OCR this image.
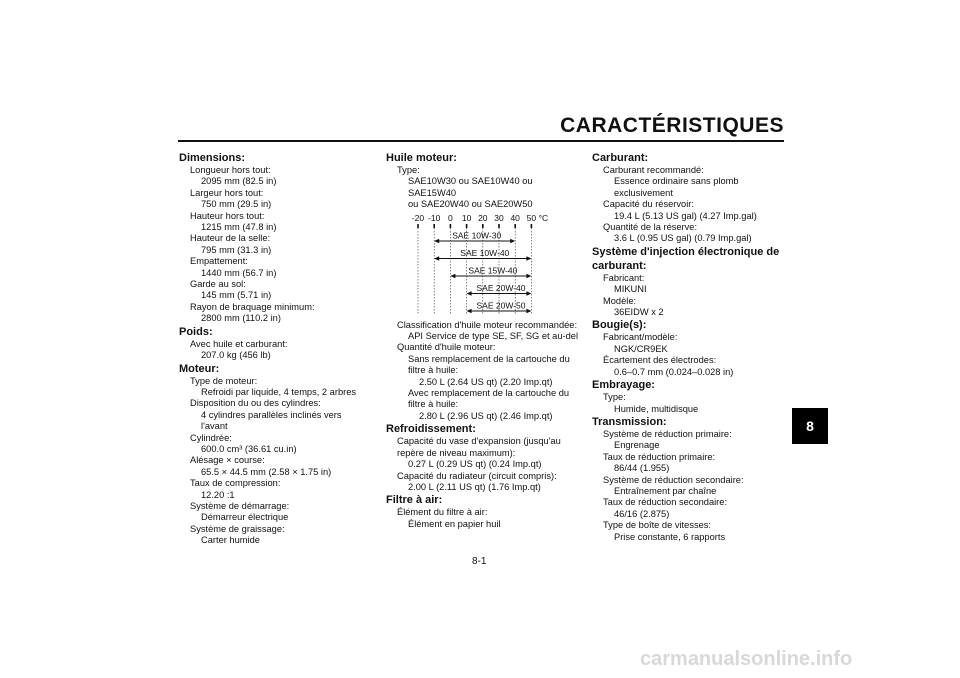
CARACTÉRISTIQUES
8
Dimensions:
Longueur hors tout:
2095 mm (82.5 in)
Largeur hors tout:
750 mm (29.5 in)
Hauteur hors tout:
1215 mm (47.8 in)
Hauteur de la selle:
795 mm (31.3 in)
Empattement:
1440 mm (56.7 in)
Garde au sol:
145 mm (5.71 in)
Rayon de braquage minimum:
2800 mm (110.2 in)
Poids:
Avec huile et carburant:
207.0 kg (456 lb)
Moteur:
Type de moteur:
Refroidi par liquide, 4 temps, 2 arbres
Disposition du ou des cylindres:
4 cylindres parallèles inclinés vers l'avant
Cylindrée:
600.0 cm³ (36.61 cu.in)
Alésage × course:
65.5 × 44.5 mm (2.58 × 1.75 in)
Taux de compression:
12.20 :1
Système de démarrage:
Démarreur électrique
Système de graissage:
Carter humide
Huile moteur:
Type:
SAE10W30 ou SAE10W40 ou SAE15W40
ou SAE20W40 ou SAE20W50
-20 -10 0 10 20 30 40 50 °C
SAE 10W-30
SAE 10W-40
SAE 15W-40
SAE 20W-40
SAE 20W-50
Classification d'huile moteur recommandée:
API Service de type SE, SF, SG et au-del
Quantité d'huile moteur:
Sans remplacement de la cartouche du
filtre à huile:
2.50 L (2.64 US qt) (2.20 Imp.qt)
Avec remplacement de la cartouche du
filtre à huile:
2.80 L (2.96 US qt) (2.46 Imp.qt)
Refroidissement:
Capacité du vase d'expansion (jusqu'au
repère de niveau maximum):
0.27 L (0.29 US qt) (0.24 Imp.qt)
Capacité du radiateur (circuit compris):
2.00 L (2.11 US qt) (1.76 Imp.qt)
Filtre à air:
Élément du filtre à air:
Élément en papier huil
Carburant:
Carburant recommandé:
Essence ordinaire sans plomb
exclusivement
Capacité du réservoir:
19.4 L (5.13 US gal) (4.27 Imp.gal)
Quantité de la réserve:
3.6 L (0.95 US gal) (0.79 Imp.gal)
Système d'injection électronique de
carburant:
Fabricant:
MIKUNI
Modèle:
36EIDW x 2
Bougie(s):
Fabricant/modèle:
NGK/CR9EK
Écartement des électrodes:
0.6–0.7 mm (0.024–0.028 in)
Embrayage:
Type:
Humide, multidisque
Transmission:
Système de réduction primaire:
Engrenage
Taux de réduction primaire:
86/44 (1.955)
Système de réduction secondaire:
Entraînement par chaîne
Taux de réduction secondaire:
46/16 (2.875)
Type de boîte de vitesses:
Prise constante, 6 rapports
8-1
carmanualsonline.info
